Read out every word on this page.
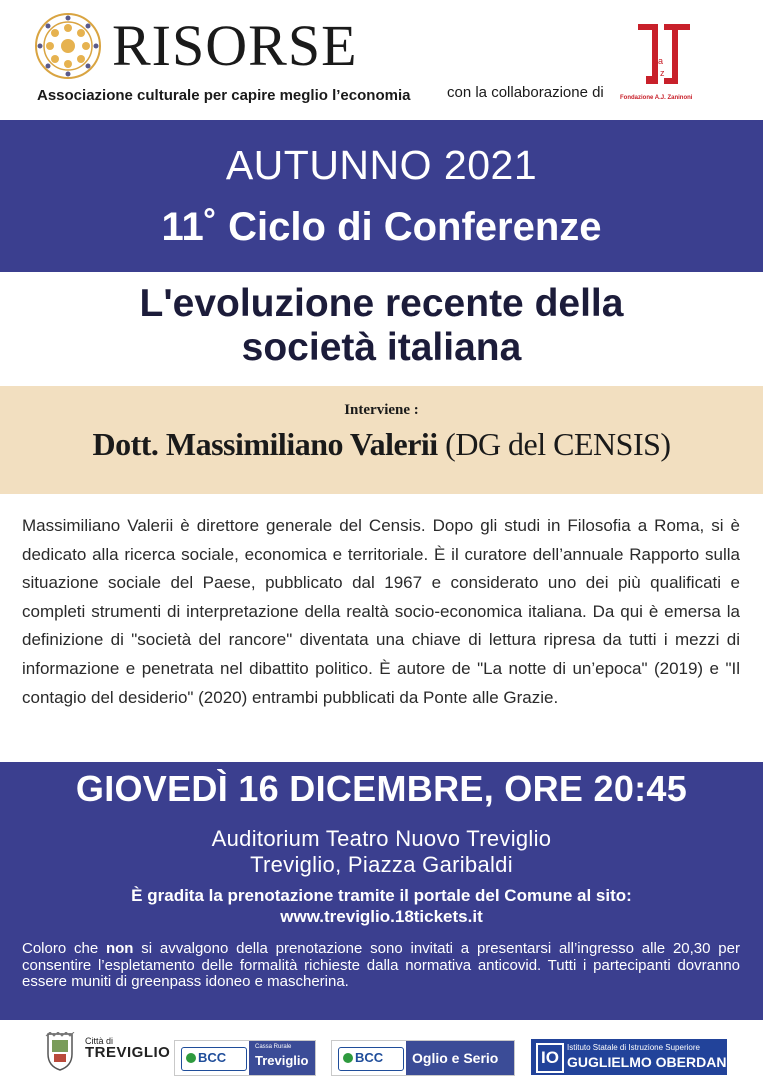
RISORSE
Associazione culturale per capire meglio l’economia con la collaborazione di
a
z
Fondazione A.J. Zaninoni
AUTUNNO 2021
11˚ Ciclo di Conferenze
L'evoluzione recente della
società italiana
Interviene :
Dott. Massimiliano Valerii (DG del CENSIS)
Massimiliano Valerii è direttore generale del Censis. Dopo gli studi in Filosofia a Roma, si è dedicato alla ricerca sociale, economica e territoriale. È il curatore dell’annuale Rapporto sulla situazione sociale del Paese, pubblicato dal 1967 e considerato uno dei più qualificati e completi strumenti di interpretazione della realtà socio-economica italiana. Da qui è emersa la definizione di "società del rancore" diventata una chiave di lettura ripresa da tutti i mezzi di informazione e penetrata nel dibattito politico. È autore de "La notte di un’epoca" (2019) e "Il contagio del desiderio" (2020) entrambi pubblicati da Ponte alle Grazie.
GIOVEDÌ 16 DICEMBRE, ORE 20:45
Auditorium Teatro Nuovo Treviglio
Treviglio, Piazza Garibaldi
È gradita la prenotazione tramite il portale del Comune al sito:
www.treviglio.18tickets.it
Coloro che non si avvalgono della prenotazione sono invitati a presentarsi all’ingresso alle 20,30 per consentire l’espletamento delle formalità richieste dalla normativa anticovid. Tutti i partecipanti dovranno essere muniti di greenpass idoneo e mascherina.
Città di
TREVIGLIO BCC
Cassa Rurale
Treviglio	BCC Oglio e Serio	IO
Istituto Statale di Istruzione Superiore
GUGLIELMO OBERDAN
